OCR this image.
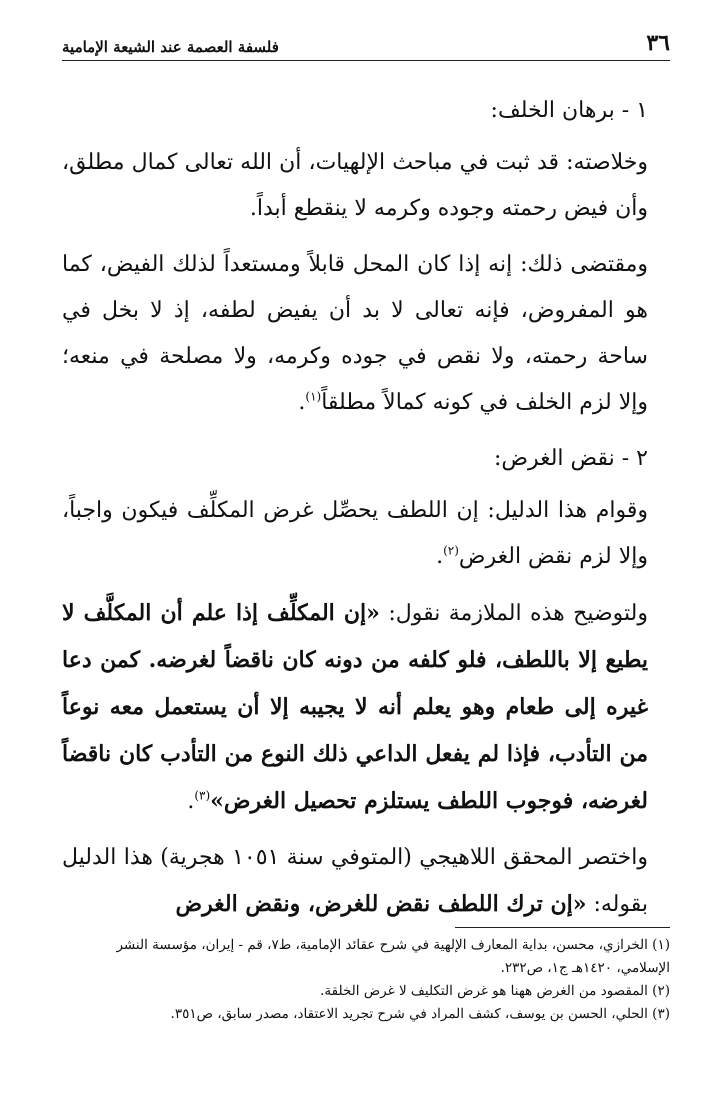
٣٦
فلسفة العصمة عند الشيعة الإمامية

١ - برهان الخلف:

وخلاصته: قد ثبت في مباحث الإلهيات، أن الله تعالى كمال مطلق، وأن فيض رحمته وجوده وكرمه لا ينقطع أبداً.

ومقتضى ذلك: إنه إذا كان المحل قابلاً ومستعداً لذلك الفيض، كما هو المفروض، فإنه تعالى لا بد أن يفيض لطفه، إذ لا بخل في ساحة رحمته، ولا نقص في جوده وكرمه، ولا مصلحة في منعه؛ وإلا لزم الخلف في كونه كمالاً مطلقاً$^{(١)}$.

٢ - نقض الغرض:

وقوام هذا الدليل: إن اللطف يحصِّل غرض المكلِّف فيكون واجباً، وإلا لزم نقض الغرض$^{(٢)}$.

ولتوضيح هذه الملازمة نقول: «إن المكلِّف إذا علم أن المكلَّف لا يطيع إلا باللطف، فلو كلفه من دونه كان ناقضاً لغرضه. كمن دعا غيره إلى طعام وهو يعلم أنه لا يجيبه إلا أن يستعمل معه نوعاً من التأدب، فإذا لم يفعل الداعي ذلك النوع من التأدب كان ناقضاً لغرضه، فوجوب اللطف يستلزم تحصيل الغرض»$^{(٣)}$.

واختصر المحقق اللاهيجي (المتوفي سنة ١٠٥١ هجرية) هذا الدليل بقوله: «إن ترك اللطف نقض للغرض، ونقض الغرض

(١) الخرازي، محسن، بداية المعارف الإلهية في شرح عقائد الإمامية، ط٧، قم - إيران، مؤسسة النشر الإسلامي، ١٤٢٠هـ ج١، ص٢٣٢.

(٢) المقصود من الغرض ههنا هو غرض التكليف لا غرض الخلقة.

(٣) الحلي، الحسن بن يوسف، كشف المراد في شرح تجريد الاعتقاد، مصدر سابق، ص٣٥١.
